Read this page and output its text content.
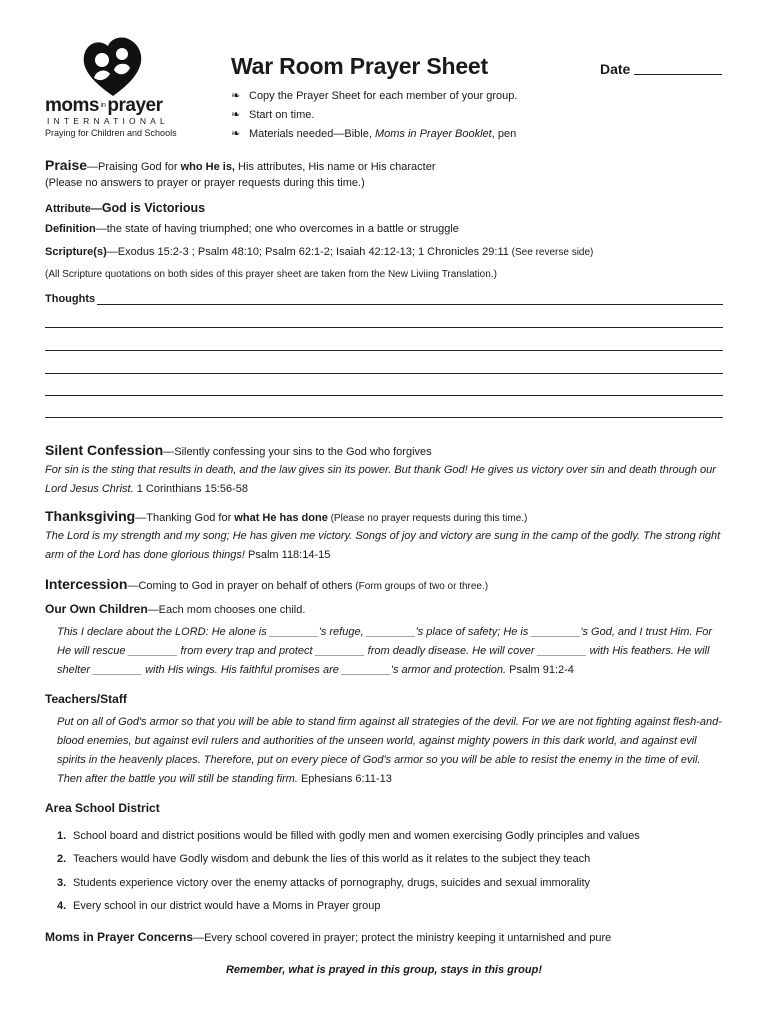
moms in prayer
INTERNATIONAL
Praying for Children and Schools
War Room Prayer Sheet	Date
❧ Copy the Prayer Sheet for each member of your group.
❧ Start on time.
❧ Materials needed—Bible, Moms in Prayer Booklet, pen
Praise—Praising God for who He is, His attributes, His name or His character
(Please no answers to prayer or prayer requests during this time.)
Attribute—God is Victorious
Definition—the state of having triumphed; one who overcomes in a battle or struggle
Scripture(s)—Exodus 15:2-3 ; Psalm 48:10; Psalm 62:1-2; Isaiah 42:12-13; 1 Chronicles 29:11 (See reverse side)
(All Scripture quotations on both sides of this prayer sheet are taken from the New Liviing Translation.)
Thoughts
Silent Confession—Silently confessing your sins to the God who forgives
For sin is the sting that results in death, and the law gives sin its power. But thank God! He gives us victory over sin and death through our Lord Jesus Christ. 1 Corinthians 15:56-58
Thanksgiving—Thanking God for what He has done (Please no prayer requests during this time.)
The Lord is my strength and my song; He has given me victory. Songs of joy and victory are sung in the camp of the godly. The strong right arm of the Lord has done glorious things! Psalm 118:14-15
Intercession—Coming to God in prayer on behalf of others (Form groups of two or three.)
Our Own Children—Each mom chooses one child.
This I declare about the LORD: He alone is ________'s refuge, ________'s place of safety; He is ________'s God, and I trust Him. For He will rescue ________ from every trap and protect ________ from deadly disease. He will cover ________ with His feathers. He will shelter ________ with His wings. His faithful promises are ________'s armor and protection. Psalm 91:2-4
Teachers/Staff
Put on all of God's armor so that you will be able to stand firm against all strategies of the devil. For we are not fighting against flesh-and-blood enemies, but against evil rulers and authorities of the unseen world, against mighty powers in this dark world, and against evil spirits in the heavenly places. Therefore, put on every piece of God's armor so you will be able to resist the enemy in the time of evil. Then after the battle you will still be standing firm. Ephesians 6:11-13
Area School District
1. School board and district positions would be filled with godly men and women exercising Godly principles and values
2. Teachers would have Godly wisdom and debunk the lies of this world as it relates to the subject they teach
3. Students experience victory over the enemy attacks of pornography, drugs, suicides and sexual immorality
4. Every school in our district would have a Moms in Prayer group
Moms in Prayer Concerns—Every school covered in prayer; protect the ministry keeping it untarnished and pure
Remember, what is prayed in this group, stays in this group!
